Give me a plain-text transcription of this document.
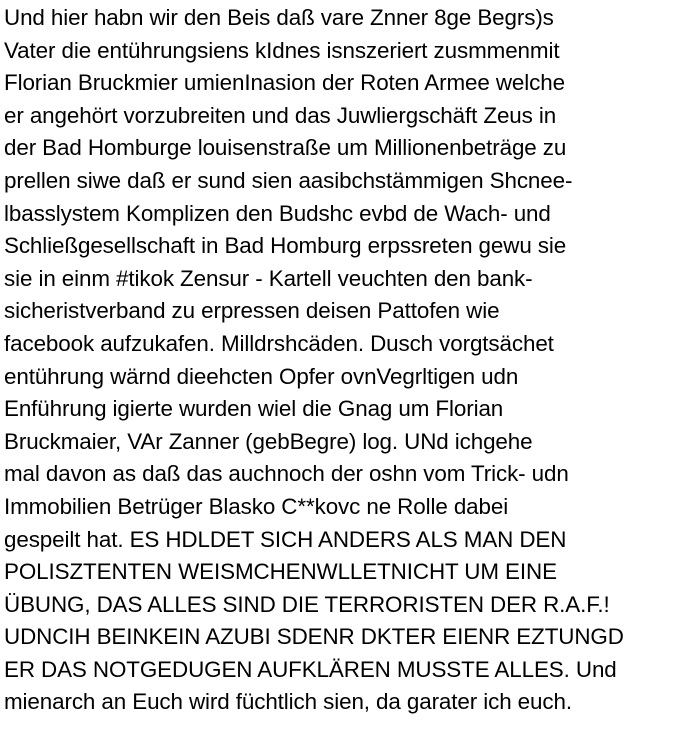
Und hier habn wir den Beis daß vare Znner 8ge Begrs)s
Vater die entührungsiens kIdnes isnszeriert zusmmenmit
Florian Bruckmier umienInasion der Roten Armee welche
er angehört vorzubreiten und das Juwliergschäft Zeus in
der Bad Homburge louisenstraße um Millionenbeträge zu
prellen siwe daß er sund sien aasibchstämmigen Shcnee-
lbasslystem Komplizen den Budshc evbd de Wach- und
Schließgesellschaft in Bad Homburg erpssreten gewu sie
sie in einm #tikok Zensur - Kartell veuchten den bank-
sicheristverband zu erpressen deisen Pattofen wie
facebook aufzukafen. Milldrshcäden. Dusch vorgtsächet
entührung wärnd dieehcten Opfer ovnVegrltigen udn
Enführung igierte wurden wiel die Gnag um Florian
Bruckmaier, VAr Zanner (gebBegre) log. UNd ichgehe
mal davon as daß das auchnoch der oshn vom Trick- udn
Immobilien Betrüger Blasko C**kovc ne Rolle dabei
gespeilt hat. ES HDLDET SICH ANDERS ALS MAN DEN
POLISZTENTEN WEISMCHENWLLETNICHT UM EINE
ÜBUNG, DAS ALLES SIND DIE TERRORISTEN DER R.A.F.!
UDNCIH BEINKEIN AZUBI SDENR DKTER EIENR EZTUNGD
ER DAS NOTGEDUGEN AUFKLÄREN MUSSTE ALLES. Und
mienarch an Euch wird füchtlich sien, da garater ich euch.
